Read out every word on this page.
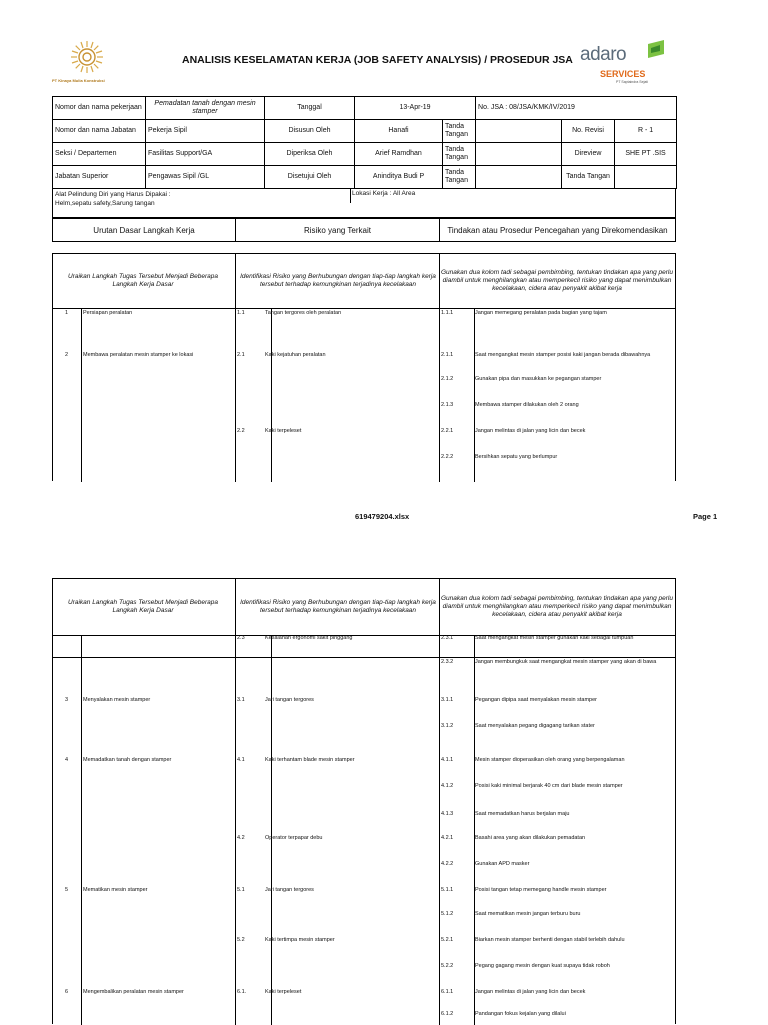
PT Kinaya Mulia Konstruksi
ANALISIS KESELAMATAN KERJA (JOB SAFETY ANALYSIS) / PROSEDUR JSA adaro
SERVICES
PT Saptaindra Sejati
Nomor dan nama pekerjaan	Pemadatan tanah dengan mesin stamper	Tanggal	13-Apr-19		No. JSA : 08/JSA/KMK/IV/2019		
Nomor dan nama Jabatan	Pekerja Sipil	Disusun Oleh	Hanafi	Tanda Tangan		No. Revisi	R - 1
Seksi / Departemen	Fasilitas Support/GA	Diperiksa Oleh	Arief Ramdhan	Tanda Tangan		Direview	SHE PT .SIS
Jabatan Superior	Pengawas Sipil /GL	Disetujui Oleh	Aninditya Budi P	Tanda Tangan		Tanda Tangan	
Alat Pelindung Diri yang Harus Dipakai :
Helm,sepatu safety,Sarung tangan
Lokasi Kerja : All Area
Urutan Dasar Langkah Kerja	Risiko yang Terkait	Tindakan atau Prosedur Pencegahan yang Direkomendasikan
Uraikan Langkah Tugas Tersebut Menjadi Beberapa Langkah Kerja Dasar
Identifikasi Risiko yang Berhubungan dengan tiap-tiap langkah kerja tersebut terhadap kemungkinan terjadinya kecelakaan
Gunakan dua kolom tadi sebagai pembimbing, tentukan tindakan apa yang perlu diambil untuk menghilangkan atau memperkecil risiko yang dapat menimbulkan kecelakaan, cidera atau penyakit akibat kerja
1	Persiapan peralatan	1.1	Tangan tergores oleh peralatan	1.1.1	Jangan memegang peralatan pada bagian yang tajam
2	Membawa peralatan mesin stamper ke lokasi	2.1	Kaki kejatuhan peralatan	2.1.1	Saat mengangkat mesin stamper posisi kaki jangan berada dibawahnya
2.1.2	Gunakan pipa dan masukkan ke pegangan stamper
2.1.3	Membawa stamper dilakukan oleh 2 orang
2.2	Kaki terpeleset	2.2.1	Jangan melintas di jalan yang licin dan becek
2.2.2	Bersihkan sepatu yang berlumpur
619479204.xlsx	Page 1
Uraikan Langkah Tugas Tersebut Menjadi Beberapa Langkah Kerja Dasar
Identifikasi Risiko yang Berhubungan dengan tiap-tiap langkah kerja tersebut terhadap kemungkinan terjadinya kecelakaan
Gunakan dua kolom tadi sebagai pembimbing, tentukan tindakan apa yang perlu diambil untuk menghilangkan atau memperkecil risiko yang dapat menimbulkan kecelakaan, cidera atau penyakit akibat kerja
2.3	Kesalahan ergonomi sakit pinggang	2.3.1	Saat mengangkat mesin stamper gunakan kaki sebagai tumpuan
2.3.2	Jangan membungkuk saat mengangkat mesin stamper yang akan di bawa
3	Menyalakan mesin stamper	3.1	Jari tangan tergores	3.1.1	Pegangan dipipa saat menyalakan mesin stamper
3.1.2	Saat menyalakan pegang digagang tarikan stater
4	Memadatkan tanah dengan stamper	4.1	Kaki terhantam blade mesin stamper	4.1.1	Mesin stamper dioperasikan oleh orang yang berpengalaman
4.1.2	Posisi kaki minimal berjarak 40 cm dari blade mesin stamper
4.1.3	Saat memadatkan harus berjalan maju
4.2	Operator terpapar debu	4.2.1	Basahi area yang akan dilakukan pemadatan
4.2.2	Gunakan APD masker
5	Mematikan mesin stamper	5.1	Jari tangan tergores	5.1.1	Posisi tangan tetap memegang handle mesin stamper
5.1.2	Saat mematikan mesin jangan terburu buru
5.2	Kaki tertimpa mesin stamper	5.2.1	Biarkan mesin stamper berhenti dengan stabil terlebih dahulu
5.2.2	Pegang gagang mesin dengan kuat supaya tidak roboh
6	Mengembalikan peralatan mesin stamper	6.1.	Kaki terpeleset	6.1.1	Jangan melintas di jalan yang licin dan becek
6.1.2	Pandangan fokus kejalan yang dilalui
